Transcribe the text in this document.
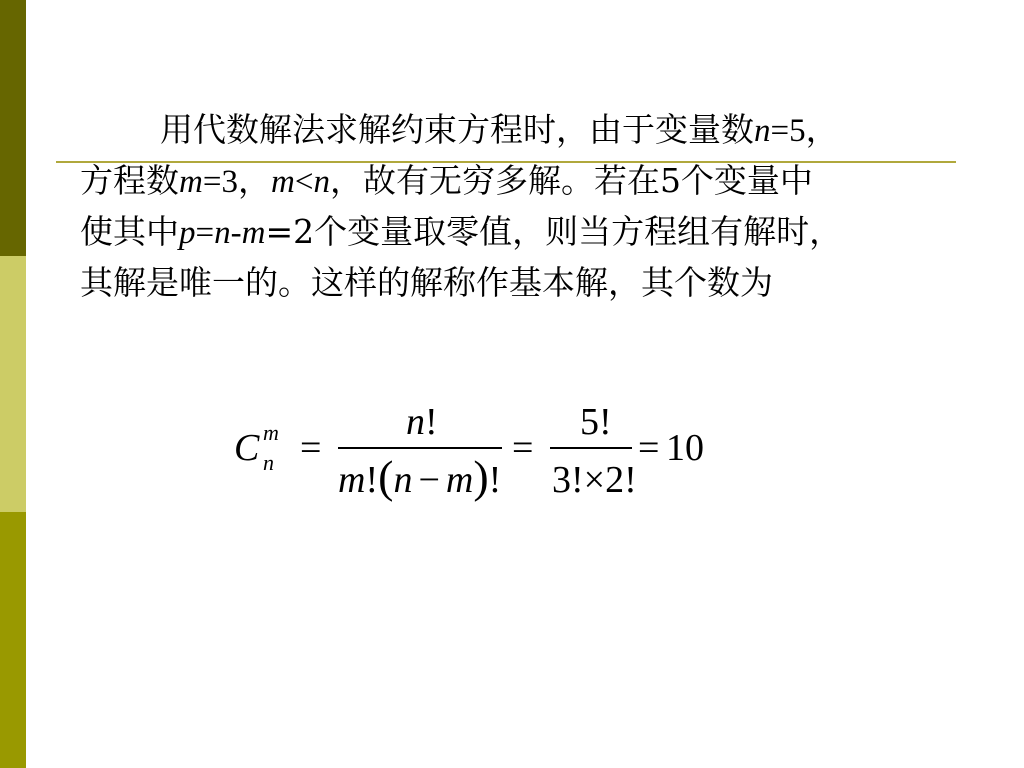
用代数解法求解约束方程时，由于变量数n=5，
方程数m=3，m<n，故有无穷多解。若在5个变量中
使其中p=n-m=2个变量取零值，则当方程组有解时，
其解是唯一的。这样的解称作基本解，其个数为
C m
n =
n!
m!(n − m)!
=
5!
3!×2!
= 10
